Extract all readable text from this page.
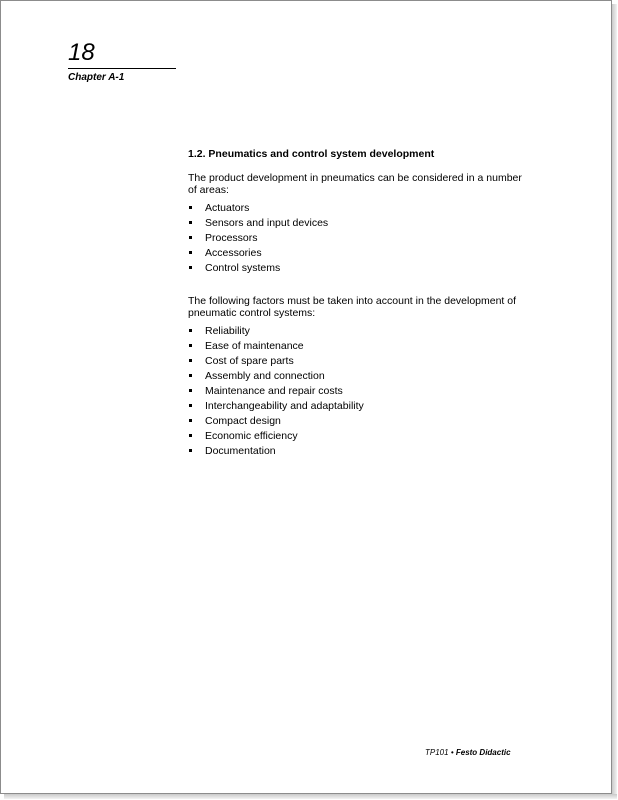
18
Chapter A-1
1.2. Pneumatics and control system development

The product development in pneumatics can be considered in a number of areas:

Actuators
Sensors and input devices
Processors
Accessories
Control systems

The following factors must be taken into account in the development of pneumatic control systems:

Reliability
Ease of maintenance
Cost of spare parts
Assembly and connection
Maintenance and repair costs
Interchangeability and adaptability
Compact design
Economic efficiency
Documentation
TP101 • Festo Didactic
